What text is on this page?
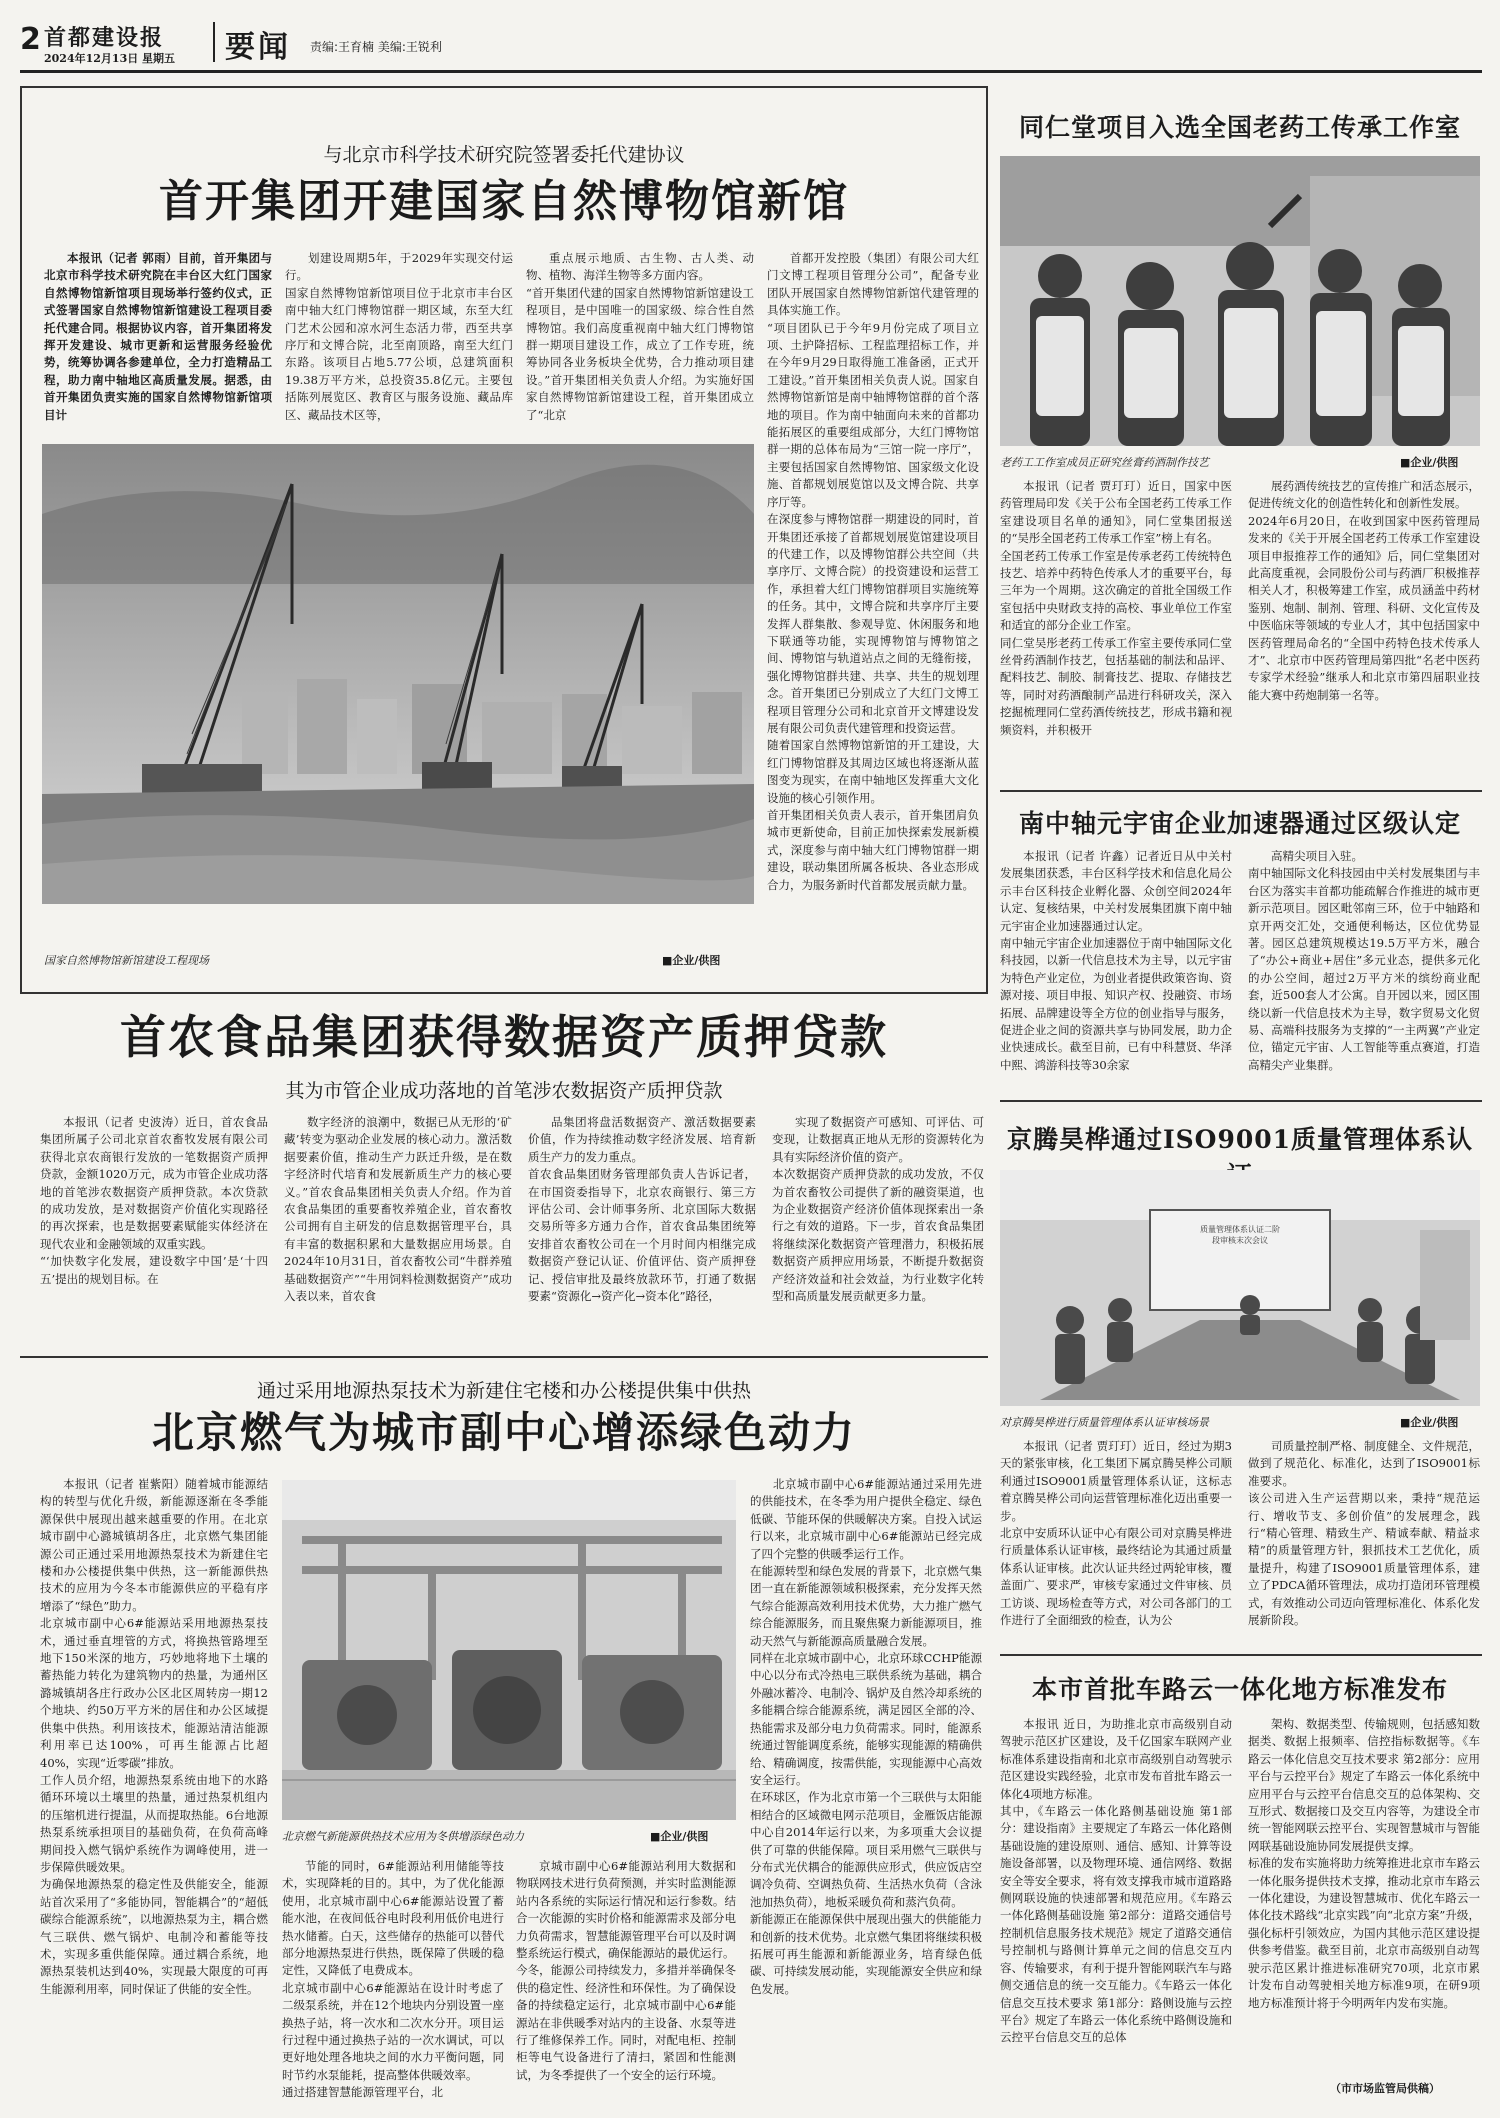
2 首都建设报
2024年12月13日 星期五 要闻 责编:王育楠 美编:王锐利
与北京市科学技术研究院签署委托代建协议
首开集团开建国家自然博物馆新馆

本报讯（记者 郭雨）目前，首开集团与北京市科学技术研究院在丰台区大红门国家自然博物馆新馆项目现场举行签约仪式，正式签署国家自然博物馆新馆建设工程项目委托代建合同。根据协议内容，首开集团将发挥开发建设、城市更新和运营服务经验优势，统筹协调各参建单位，全力打造精品工程，助力南中轴地区高质量发展。据悉，由首开集团负责实施的国家自然博物馆新馆项目计

划建设周期5年，于2029年实现交付运行。
国家自然博物馆新馆项目位于北京市丰台区南中轴大红门博物馆群一期区域，东至大红门艺术公园和凉水河生态活力带，西至共享序厅和文博合院，北至南顶路，南至大红门东路。该项目占地5.77公顷，总建筑面积19.38万平方米，总投资35.8亿元。主要包括陈列展览区、教育区与服务设施、藏品库区、藏品技术区等，

重点展示地质、古生物、古人类、动物、植物、海洋生物等多方面内容。
“首开集团代建的国家自然博物馆新馆建设工程项目，是中国唯一的国家级、综合性自然博物馆。我们高度重视南中轴大红门博物馆群一期项目建设工作，成立了工作专班，统筹协同各业务板块全优势，合力推动项目建设。”首开集团相关负责人介绍。为实施好国家自然博物馆新馆建设工程，首开集团成立了“北京

首都开发控股（集团）有限公司大红门文博工程项目管理分公司”，配备专业团队开展国家自然博物馆新馆代建管理的具体实施工作。
“项目团队已于今年9月份完成了项目立项、土护降招标、工程监理招标工作，并在今年9月29日取得施工准备函，正式开工建设。”首开集团相关负责人说。国家自然博物馆新馆是南中轴博物馆群的首个落地的项目。作为南中轴面向未来的首都功能拓展区的重要组成部分，大红门博物馆群一期的总体布局为“三馆一院一序厅”，主要包括国家自然博物馆、国家级文化设施、首都规划展览馆以及文博合院、共享序厅等。
在深度参与博物馆群一期建设的同时，首开集团还承接了首都规划展览馆建设项目的代建工作，以及博物馆群公共空间（共享序厅、文博合院）的投资建设和运营工作，承担着大红门博物馆群项目实施统筹的任务。其中，文博合院和共享序厅主要发挥人群集散、参观导览、休闲服务和地下联通等功能，实现博物馆与博物馆之间、博物馆与轨道站点之间的无缝衔接，强化博物馆群共建、共享、共生的规划理念。首开集团已分别成立了大红门文博工程项目管理分公司和北京首开文博建设发展有限公司负责代建管理和投资运营。
随着国家自然博物馆新馆的开工建设，大红门博物馆群及其周边区域也将逐渐从蓝图变为现实，在南中轴地区发挥重大文化设施的核心引领作用。
首开集团相关负责人表示，首开集团肩负城市更新使命，目前正加快探索发展新模式，深度参与南中轴大红门博物馆群一期建设，联动集团所属各板块、各业态形成合力，为服务新时代首都发展贡献力量。

国家自然博物馆新馆建设工程现场	■企业/供图
首农食品集团获得数据资产质押贷款
其为市管企业成功落地的首笔涉农数据资产质押贷款

本报讯（记者 史波涛）近日，首农食品集团所属子公司北京首农畜牧发展有限公司获得北京农商银行发放的一笔数据资产质押贷款，金额1020万元，成为市管企业成功落地的首笔涉农数据资产质押贷款。本次贷款的成功发放，是对数据资产价值化实现路径的再次探索，也是数据要素赋能实体经济在现代农业和金融领域的双重实践。
“‘加快数字化发展，建设数字中国’是‘十四五’提出的规划目标。在

数字经济的浪潮中，数据已从无形的‘矿藏’转变为驱动企业发展的核心动力。激活数据要素价值，推动生产力跃迁升级，是在数字经济时代培育和发展新质生产力的核心要义。”首农食品集团相关负责人介绍。作为首农食品集团的重要畜牧养殖企业，首农畜牧公司拥有自主研发的信息数据管理平台，具有丰富的数据积累和大量数据应用场景。自2024年10月31日，首农畜牧公司“牛群养殖基础数据资产”“牛用饲料检测数据资产”成功入表以来，首农食

品集团将盘活数据资产、激活数据要素价值，作为持续推动数字经济发展、培育新质生产力的发力重点。
首农食品集团财务管理部负责人告诉记者，在市国资委指导下，北京农商银行、第三方评估公司、会计师事务所、北京国际大数据交易所等多方通力合作，首农食品集团统筹安排首农畜牧公司在一个月时间内相继完成数据资产登记认证、价值评估、资产质押登记、授信审批及最终放款环节，打通了数据要素“资源化→资产化→资本化”路径，

实现了数据资产可感知、可评估、可变现，让数据真正地从无形的资源转化为具有实际经济价值的资产。
本次数据资产质押贷款的成功发放，不仅为首农畜牧公司提供了新的融资渠道，也为企业数据资产经济价值体现探索出一条行之有效的道路。下一步，首农食品集团将继续深化数据资产管理潜力，积极拓展数据资产质押应用场景，不断提升数据资产经济效益和社会效益，为行业数字化转型和高质量发展贡献更多力量。

通过采用地源热泵技术为新建住宅楼和办公楼提供集中供热
北京燃气为城市副中心增添绿色动力

本报讯（记者 崔紫阳）随着城市能源结构的转型与优化升级，新能源逐渐在冬季能源保供中展现出越来越重要的作用。在北京城市副中心潞城镇胡各庄，北京燃气集团能源公司正通过采用地源热泵技术为新建住宅楼和办公楼提供集中供热，这一新能源供热技术的应用为今冬本市能源供应的平稳有序增添了“绿色”助力。
北京城市副中心6#能源站采用地源热泵技术，通过垂直埋管的方式，将换热管路埋至地下150米深的地方，巧妙地将地下土壤的蓄热能力转化为建筑物内的热量，为通州区潞城镇胡各庄行政办公区北区周转房一期12个地块、约50万平方米的居住和办公区域提供集中供热。利用该技术，能源站清洁能源利用率已达100%，可再生能源占比超40%，实现“近零碳”排放。
工作人员介绍，地源热泵系统由地下的水路循环环境以土壤里的热量，通过热泵机组内的压缩机进行提温，从而提取热能。6台地源热泵系统承担项目的基础负荷，在负荷高峰期间投入燃气锅炉系统作为调峰使用，进一步保障供暖效果。
为确保地源热泵的稳定性及供能安全，能源站首次采用了“多能协同，智能耦合”的“超低碳综合能源系统”，以地源热泵为主，耦合燃气三联供、燃气锅炉、电制冷和蓄能等技术，实现多重供能保障。通过耦合系统，地源热泵装机达到40%，实现最大限度的可再生能源利用率，同时保证了供能的安全性。

北京燃气新能源供热技术应用为冬供增添绿色动力	■企业/供图

节能的同时，6#能源站利用储能等技术，实现降耗的目的。其中，为了优化能源使用，北京城市副中心6#能源站设置了蓄能水池，在夜间低谷电时段利用低价电进行热水储蓄。白天，这些储存的热能可以替代部分地源热泵进行供热，既保障了供暖的稳定性，又降低了电费成本。
北京城市副中心6#能源站在设计时考虑了二级泵系统，并在12个地块内分别设置一座换热子站，将一次水和二次水分开。项目运行过程中通过换热子站的一次水调试，可以更好地处理各地块之间的水力平衡问题，同时节约水泵能耗，提高整体供暖效率。
通过搭建智慧能源管理平台，北

京城市副中心6#能源站利用大数据和物联网技术进行负荷预测，并实时监测能源站内各系统的实际运行情况和运行参数。结合一次能源的实时价格和能源需求及部分电力负荷需求，智慧能源管理平台可以及时调整系统运行模式，确保能源站的最优运行。
今冬，能源公司持续发力，多措并举确保冬供的稳定性、经济性和环保性。为了确保设备的持续稳定运行，北京城市副中心6#能源站在非供暖季对站内的主设备、水泵等进行了维修保养工作。同时，对配电柜、控制柜等电气设备进行了清扫，紧固和性能测试，为冬季提供了一个安全的运行环境。

北京城市副中心6#能源站通过采用先进的供能技术，在冬季为用户提供全稳定、绿色低碳、节能环保的供暖解决方案。自投入试运行以来，北京城市副中心6#能源站已经完成了四个完整的供暖季运行工作。
在能源转型和绿色发展的背景下，北京燃气集团一直在新能源领域积极探索，充分发挥天然气综合能源高效利用技术优势，大力推广燃气综合能源服务，而且聚焦聚力新能源项目，推动天然气与新能源高质量融合发展。
同样在北京城市副中心，北京环球CCHP能源中心以分布式冷热电三联供系统为基础，耦合外融冰蓄冷、电制冷、锅炉及自然冷却系统的多能耦合综合能源系统，满足园区全部的冷、热能需求及部分电力负荷需求。同时，能源系统通过智能调度系统，能够实现能源的精确供给、精确调度，按需供能，实现能源中心高效安全运行。
在环球区，作为北京市第一个三联供与太阳能相结合的区域微电网示范项目，金雁饭店能源中心自2014年运行以来，为多项重大会议提供了可靠的供能保障。项目采用燃气三联供与分布式光伏耦合的能源供应形式，供应饭店空调冷负荷、空调热负荷、生活热水负荷（含泳池加热负荷），地板采暖负荷和蒸汽负荷。
新能源正在能源保供中展现出强大的供能能力和创新的技术优势。北京燃气集团将继续积极拓展可再生能源和新能源业务，培育绿色低碳、可持续发展动能，实现能源安全供应和绿色发展。

同仁堂项目入选全国老药工传承工作室
老药工工作室成员正研究丝膏药酒制作技艺	■企业/供图

本报讯（记者 贾玎玎）近日，国家中医药管理局印发《关于公布全国老药工传承工作室建设项目名单的通知》，同仁堂集团报送的“吴彤全国老药工传承工作室”榜上有名。
全国老药工传承工作室是传承老药工传统特色技艺、培养中药特色传承人才的重要平台，每三年为一个周期。这次确定的首批全国级工作室包括中央财政支持的高校、事业单位工作室和适宜的部分企业工作室。
同仁堂吴彤老药工传承工作室主要传承同仁堂丝骨药酒制作技艺，包括基础的制法和品评、配料技艺、制胶、制膏技艺、提取、存储技艺等，同时对药酒酿制产品进行科研攻关，深入挖掘梳理同仁堂药酒传统技艺，形成书籍和视频资料，并积极开

展药酒传统技艺的宣传推广和活态展示，促进传统文化的创造性转化和创新性发展。
2024年6月20日，在收到国家中医药管理局发来的《关于开展全国老药工传承工作室建设项目申报推荐工作的通知》后，同仁堂集团对此高度重视，会同股份公司与药酒厂积极推荐相关人才，积极筹建工作室，成员涵盖中药材鉴别、炮制、制剂、管理、科研、文化宣传及中医临床等领域的专业人才，其中包括国家中医药管理局命名的“全国中药特色技术传承人才”、北京市中医药管理局第四批“名老中医药专家学术经验”继承人和北京市第四届职业技能大赛中药炮制第一名等。

南中轴元宇宙企业加速器通过区级认定

本报讯（记者 许鑫）记者近日从中关村发展集团获悉，丰台区科学技术和信息化局公示丰台区科技企业孵化器、众创空间2024年认定、复核结果，中关村发展集团旗下南中轴元宇宙企业加速器通过认定。
南中轴元宇宙企业加速器位于南中轴国际文化科技园，以新一代信息技术为主导，以元宇宙为特色产业定位，为创业者提供政策咨询、资源对接、项目申报、知识产权、投融资、市场拓展、品牌建设等全方位的创业指导与服务，促进企业之间的资源共享与协同发展，助力企业快速成长。截至目前，已有中科慧贤、华泽中熙、鸿游科技等30余家

高精尖项目入驻。
南中轴国际文化科技园由中关村发展集团与丰台区为落实丰首都功能疏解合作推进的城市更新示范项目。园区毗邻南三环，位于中轴路和京开两交汇处，交通便利畅达，区位优势显著。园区总建筑规模达19.5万平方米，融合了“办公+商业+居住”多元业态，提供多元化的办公空间，超过2万平方米的缤纷商业配套，近500套人才公寓。自开园以来，园区围绕以新一代信息技术为主导，数字贸易文化贸易、高端科技服务为支撑的“一主两翼”产业定位，锚定元宇宙、人工智能等重点赛道，打造高精尖产业集群。

京腾昊桦通过ISO9001质量管理体系认
质量管理体系认证二阶段审核末次会议
对京腾昊桦进行质量管理体系认证审核场景	■企业/供图

本报讯（记者 贾玎玎）近日，经过为期3天的紧张审核，化工集团下属京腾昊桦公司顺利通过ISO9001质量管理体系认证，这标志着京腾昊桦公司向运营管理标准化迈出重要一步。
北京中安质环认证中心有限公司对京腾昊桦进行质量体系认证审核，最终结论为其通过质量体系认证审核。此次认证共经过两轮审核，覆盖面广、要求严，审核专家通过文件审核、员工访谈、现场检查等方式，对公司各部门的工作进行了全面细致的检查，认为公

司质量控制严格、制度健全、文件规范，做到了规范化、标准化，达到了ISO9001标准要求。
该公司进入生产运营期以来，秉持“规范运行、增收节支、多创价值”的发展理念，践行“精心管理、精致生产、精诚奉献、精益求精”的质量管理方针，狠抓技术工艺优化，质量提升，构建了ISO9001质量管理体系，建立了PDCA循环管理法，成功打造闭环管理模式，有效推动公司迈向管理标准化、体系化发展新阶段。

本市首批车路云一体化地方标准发布

本报讯 近日，为助推北京市高级别自动驾驶示范区扩区建设，及千亿国家车联网产业标准体系建设指南和北京市高级别自动驾驶示范区建设实践经验，北京市发布首批车路云一体化4项地方标准。
其中，《车路云一体化路侧基础设施 第1部分：建设指南》主要规定了车路云一体化路侧基础设施的建设原则、通信、感知、计算等设施设备部署，以及物理环境、通信网络、数据安全等安全要求，将有效支撑我市城市道路路侧网联设施的快速部署和规范应用。《车路云一体化路侧基础设施 第2部分：道路交通信号控制机信息服务技术规范》规定了道路交通信号控制机与路侧计算单元之间的信息交互内容、传输要求，有利于提升智能网联汽车与路侧交通信息的统一交互能力。《车路云一体化信息交互技术要求 第1部分：路侧设施与云控平台》规定了车路云一体化系统中路侧设施和云控平台信息交互的总体

架构、数据类型、传输规则，包括感知数据类、数据上报频率、信控指标数据等。《车路云一体化信息交互技术要求 第2部分：应用平台与云控平台》规定了车路云一体化系统中应用平台与云控平台信息交互的总体架构、交互形式、数据接口及交互内容等，为建设全市统一智能网联云控平台、实现智慧城市与智能网联基础设施协同发展提供支撑。
标准的发布实施将助力统筹推进北京市车路云一体化服务提供技术支撑，推动北京市车路云一体化建设，为建设智慧城市、优化车路云一体化技术路线“北京实践”向“北京方案”升级，强化标杆引领效应，为国内其他示范区建设提供参考借鉴。截至目前，北京市高级别自动驾驶示范区累计推进标准研究70项，北京市累计发布自动驾驶相关地方标准9项，在研9项地方标准预计将于今明两年内发布实施。

（市市场监管局供稿）
